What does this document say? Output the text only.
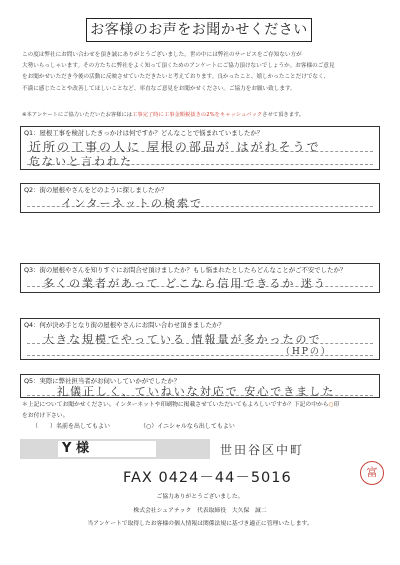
お客様のお声をお聞かせください

この度は弊社にお問い合わせを頂き誠にありがとうございました。世の中には弊社のサービスをご存知ない方が

大勢いらっしゃいます。その方たちに弊社をよく知って頂くためのアンケートにご協力頂けないでしょうか。お客様のご意見

をお聞かせいただき今後の活動に反映させていただきたいと考えております。良かったこと、嬉しかったことだけでなく、

不満に感じたことや改善してほしいことなど、率直なご意見をお聞かせください。ご協力をお願い致します。

※本アンケートにご協力いただいたお客様には工事完了時に工事金額税抜きの2%をキャッシュバックさせて頂きます。
Q1：屋根工事を検討したきっかけは何ですか？どんなことで悩まれていましたか？
近所の工事の人に 屋根の部品が はがれそうで
危ないと言われた
Q2：街の屋根やさんをどのように探しましたか？
インターネットの検索で
Q3：街の屋根やさんを知りすぐにお問合せ頂けましたか？もし悩まれたとしたらどんなことがご不安でしたか？
多くの業者があって どこなら信用できるか 迷う
Q4：何が決め手となり街の屋根やさんにお問い合わせ頂きましたか？
大きな規模でやっている 情報量が多かったので
（HPの）
Q5：実際に弊社担当者がお伺いしていかがでしたか？
礼儀正しく、ていねいな対応で 安心できました

＊上記についてお聞かせください。インターネットや印刷物に掲載させていただいてもよろしいですか？下記の中から○印

をお付け下さい。

（　　）名前を出してもよい	（○）イニシャルなら出してもよい
Y 様	世田谷区中町
FAX 0424－44－5016	富
ご協力ありがとうございました。
株式会社シェアテック　代表取締役　大久保　誠二
当アンケートで取得したお客様の個人情報は関係法規に基づき適正に管理いたします。
